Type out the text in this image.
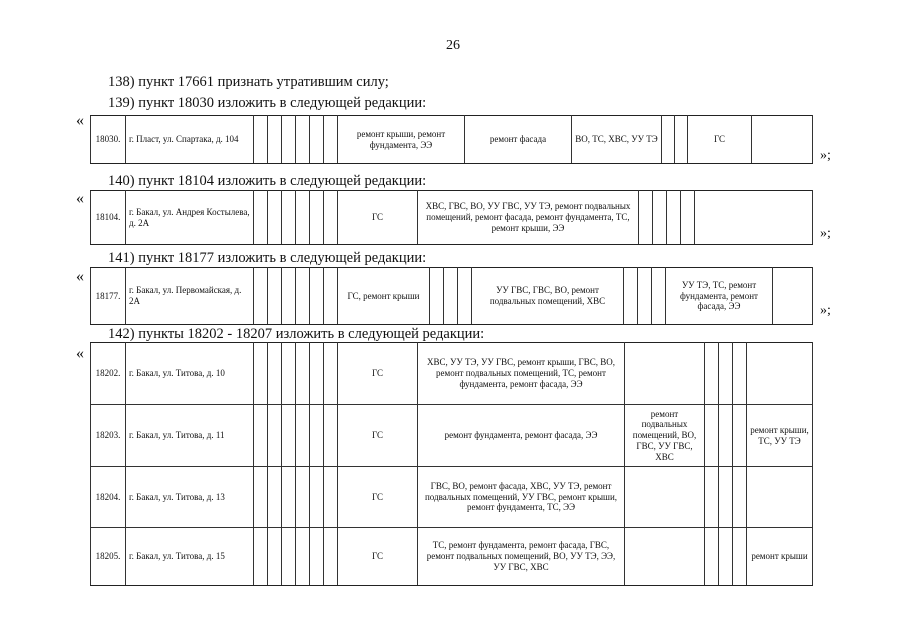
26
138) пункт 17661 признать утратившим силу;
139) пункт 18030 изложить в следующей редакции:
«
18030.	г. Пласт, ул. Спартака, д. 104							ремонт крыши, ремонт фундамента, ЭЭ	ремонт фасада	ВО, ТС, ХВС, УУ ТЭ			ГС	
»;
140) пункт 18104 изложить в следующей редакции:
«
18104.	г. Бакал, ул. Андрея Костылева, д. 2А							ГС	ХВС, ГВС, ВО, УУ ГВС, УУ ТЭ, ремонт подвальных помещений, ремонт фасада, ремонт фундамента, ТС, ремонт крыши, ЭЭ						»;
141) пункт 18177 изложить в следующей редакции:
«
18177.	г. Бакал, ул. Первомайская, д. 2А							ГС, ремонт крыши				УУ ГВС, ГВС, ВО, ремонт подвальных помещений, ХВС				УУ ТЭ, ТС, ремонт фундамента, ремонт фасада, ЭЭ		»;
142) пункты 18202 - 18207 изложить в следующей редакции:
«
18202.	г. Бакал, ул. Титова, д. 10							ГС	ХВС, УУ ТЭ, УУ ГВС, ремонт крыши, ГВС, ВО, ремонт подвальных помещений, ТС, ремонт фундамента, ремонт фасада, ЭЭ					
18203.	г. Бакал, ул. Титова, д. 11							ГС	ремонт фундамента, ремонт фасада, ЭЭ	ремонт подвальных помещений, ВО, ГВС, УУ ГВС, ХВС				ремонт крыши, ТС, УУ ТЭ
18204.	г. Бакал, ул. Титова, д. 13							ГС	ГВС, ВО, ремонт фасада, ХВС, УУ ТЭ, ремонт подвальных помещений, УУ ГВС, ремонт крыши, ремонт фундамента, ТС, ЭЭ					
18205.	г. Бакал, ул. Титова, д. 15							ГС	ТС, ремонт фундамента, ремонт фасада, ГВС, ремонт подвальных помещений, ВО, УУ ТЭ, ЭЭ, УУ ГВС, ХВС					ремонт крыши
